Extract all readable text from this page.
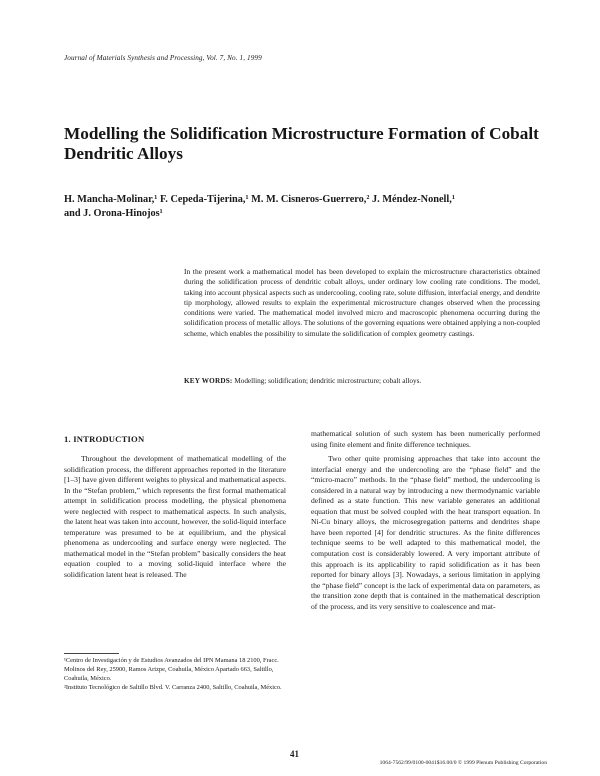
Journal of Materials Synthesis and Processing, Vol. 7, No. 1, 1999
Modelling the Solidification Microstructure Formation of Cobalt Dendritic Alloys
H. Mancha-Molinar,¹ F. Cepeda-Tijerina,¹ M. M. Cisneros-Guerrero,² J. Méndez-Nonell,¹
and J. Orona-Hinojos¹
In the present work a mathematical model has been developed to explain the microstructure characteristics obtained during the solidification process of dendritic cobalt alloys, under ordinary low cooling rate conditions. The model, taking into account physical aspects such as undercooling, cooling rate, solute diffusion, interfacial energy, and dendrite tip morphology, allowed results to explain the experimental microstructure changes observed when the processing conditions were varied. The mathematical model involved micro and macroscopic phenomena occurring during the solidification process of metallic alloys. The solutions of the governing equations were obtained applying a non-coupled scheme, which enables the possibility to simulate the solidification of complex geometry castings.
KEY WORDS: Modelling; solidification; dendritic microstructure; cobalt alloys.
1. INTRODUCTION

Throughout the development of mathematical modelling of the solidification process, the different approaches reported in the literature [1–3] have given different weights to physical and mathematical aspects. In the “Stefan problem,” which represents the first formal mathematical attempt in solidification process modelling, the physical phenomena were neglected with respect to mathematical aspects. In such analysis, the latent heat was taken into account, however, the solid-liquid interface temperature was presumed to be at equilibrium, and the physical phenomena as undercooling and surface energy were neglected. The mathematical model in the “Stefan problem” basically considers the heat equation coupled to a moving solid-liquid interface where the solidification latent heat is released. The

mathematical solution of such system has been numerically performed using finite element and finite difference techniques.

Two other quite promising approaches that take into account the interfacial energy and the undercooling are the “phase field” and the “micro-macro” methods. In the “phase field” method, the undercooling is considered in a natural way by introducing a new thermodynamic variable defined as a state function. This new variable generates an additional equation that must be solved coupled with the heat transport equation. In Ni-Cu binary alloys, the microsegregation patterns and dendrites shape have been reported [4] for dendritic structures. As the finite differences technique seems to be well adapted to this mathematical model, the computation cost is considerably lowered. A very important attribute of this approach is its applicability to rapid solidification as it has been reported for binary alloys [3]. Nowadays, a serious limitation in applying the “phase field” concept is the lack of experimental data on parameters, as the transition zone depth that is contained in the mathematical description of the process, and its very sensitive to coalescence and mat-

¹Centro de Investigación y de Estudios Avanzados del IPN Mamana 18 2100, Fracc. Molinos del Rey, 25900, Ramos Arizpe, Coahuila, México Apartado 663, Saltillo, Coahuila, México.

²Instituto Tecnológico de Saltillo Blvd. V. Carranza 2400, Saltillo, Coahuila, México.

41
1064-7562/99/0100-0041$16.00/0 © 1999 Plenum Publishing Corporation
